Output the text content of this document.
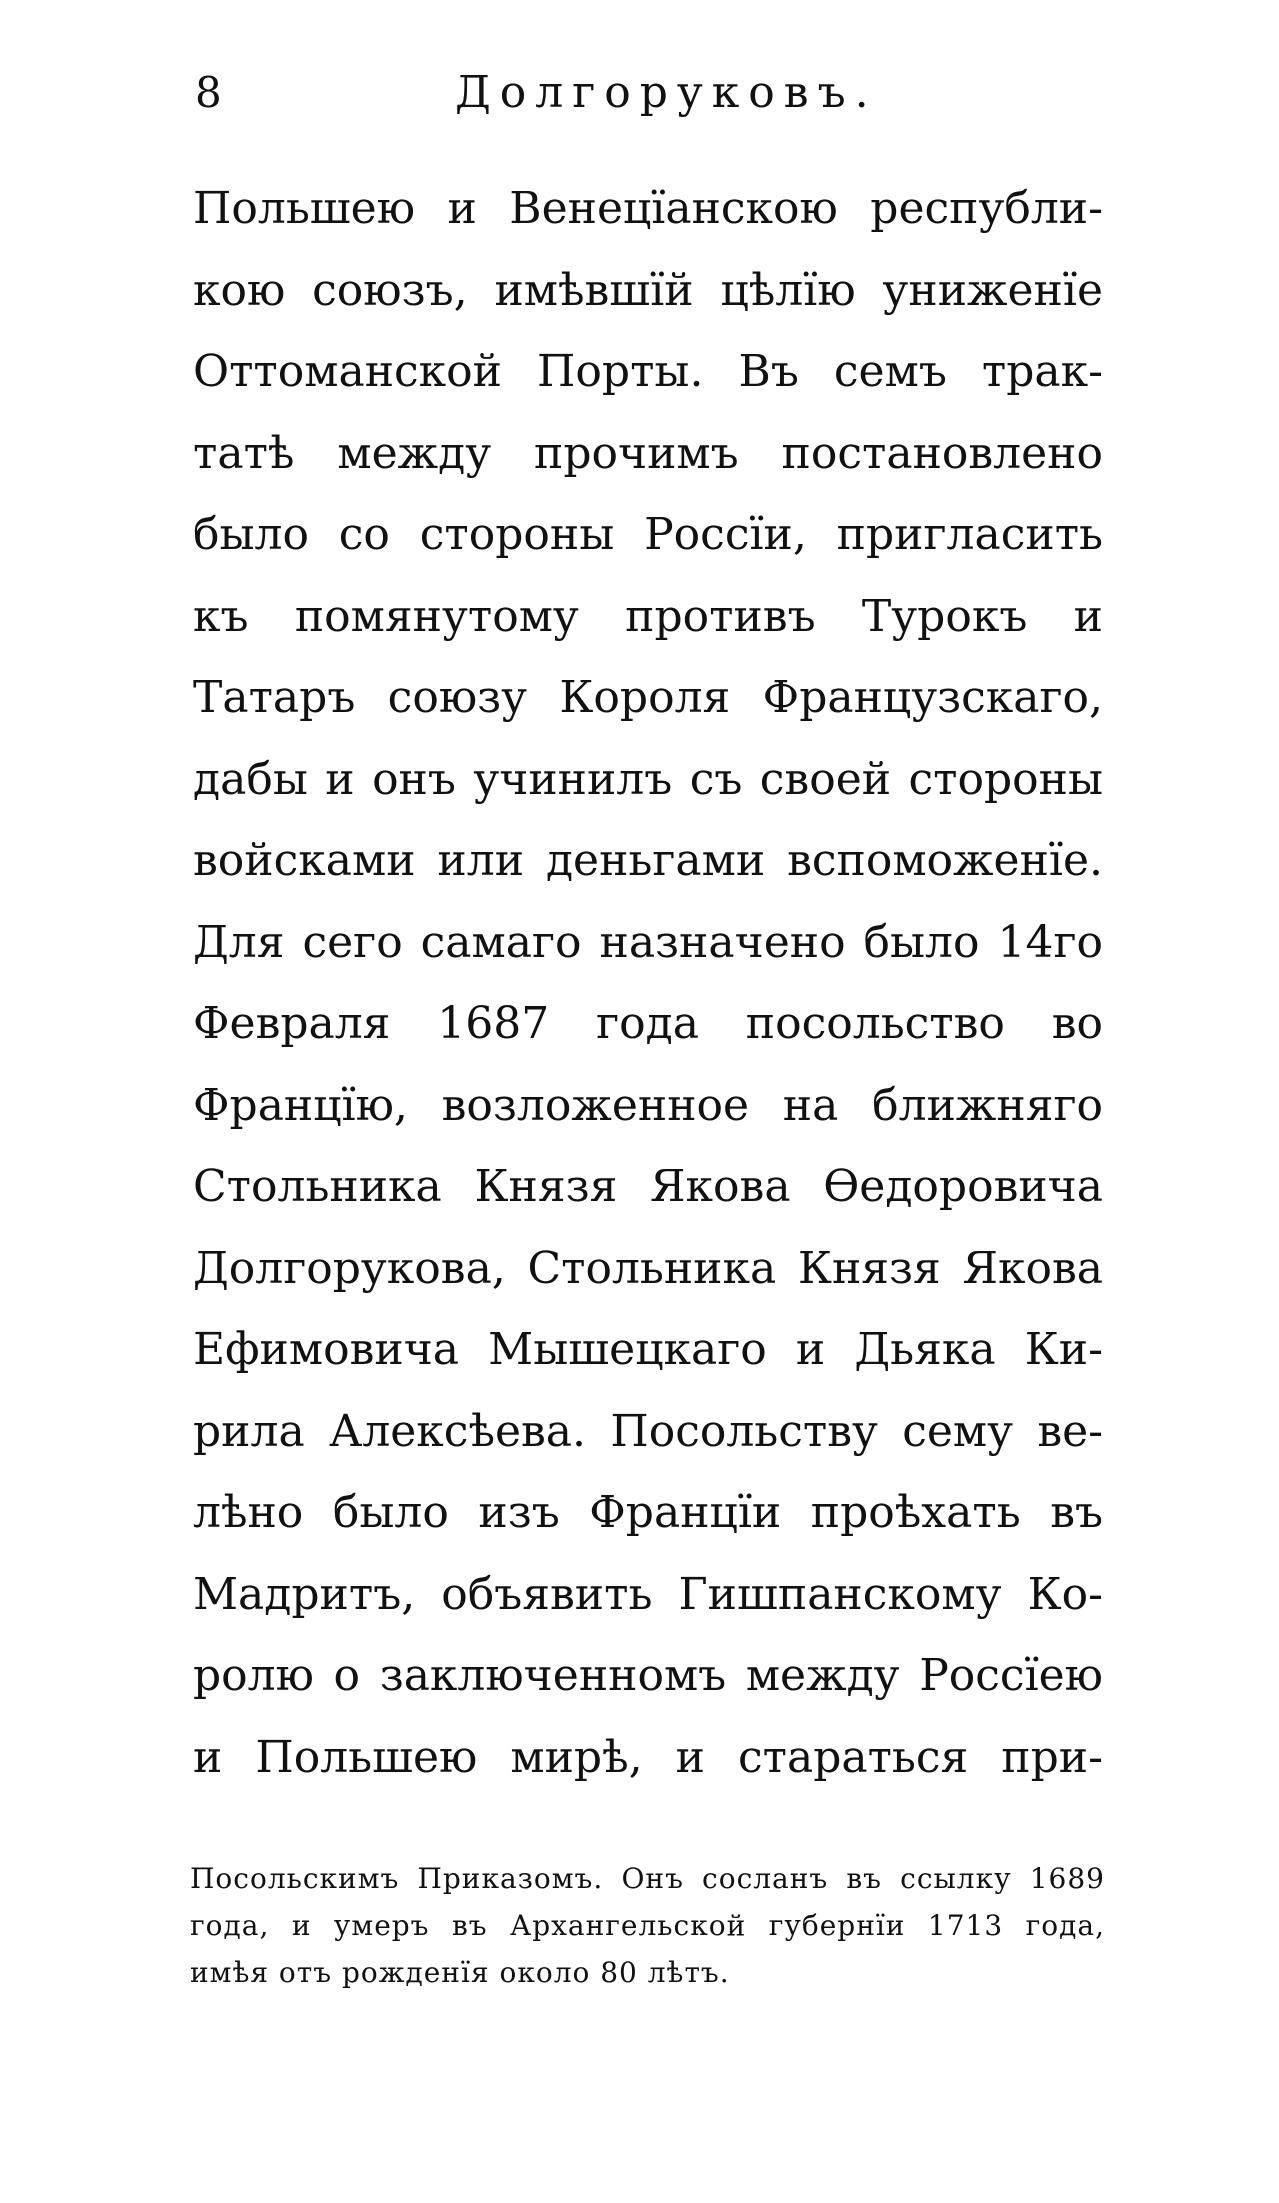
8	Долгоруковъ.
Польшею и Венецїанскою республи-
кою союзъ, имѣвшїй цѣлїю униженїе
Оттоманской Порты. Въ семъ трак-
татѣ между прочимъ постановлено
было со стороны Россїи, пригласить
къ помянутому противъ Турокъ и
Татаръ союзу Короля Французскаго,
дабы и онъ учинилъ съ своей стороны
войсками или деньгами вспоможенїе.
Для сего самаго назначено было 14го
Февраля 1687 года посольство во
Францїю, возложенное на ближняго
Стольника Князя Якова Өедоровича
Долгорукова, Стольника Князя Якова
Ефимовича Мышецкаго и Дьяка Ки-
рила Алексѣева. Посольству сему ве-
лѣно было изъ Францїи проѣхать въ
Мадритъ, объявить Гишпанскому Ко-
ролю о заключенномъ между Россїею
и Польшею мирѣ, и стараться при-
Посольскимъ Приказомъ. Онъ сосланъ въ ссылку 1689
года, и умеръ въ Архангельской губернїи 1713 года,
имѣя отъ рожденїя около 80 лѣтъ.
